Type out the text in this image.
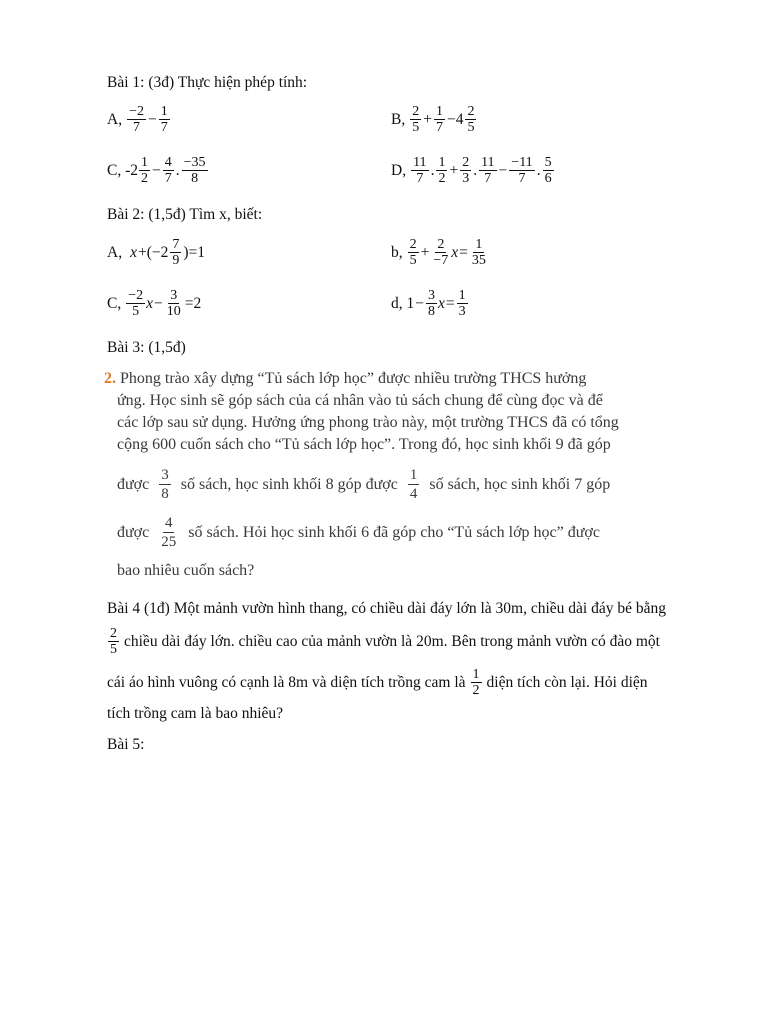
Bài 1: (3đ) Thực hiện phép tính:
A, $\frac{-2}{7} - \frac{1}{7}$	B, $\frac{2}{5} + \frac{1}{7} -4 \frac{2}{5}$
C, $-2 \frac{1}{2} - \frac{4}{7}$ . $\frac{-35}{8}$	D, $\frac{11}{7}$ . $\frac{1}{2} + \frac{2}{3}$ . $\frac{11}{7} - \frac{-11}{7}$ . $\frac{5}{6}$
Bài 2: (1,5đ) Tìm x, biết:
A, $x +(-2 \frac{7}{9} )=1$	b, $\frac{2}{5} + \frac{2}{-7}$ $x = \frac{1}{35}$
C, $\frac{-2}{5}$ $x - \frac{3}{10} =2$	d, $1 - \frac{3}{8}$ $x = \frac{1}{3}$
Bài 3: (1,5đ)
2. Phong trào xây dựng “Tủ sách lớp học” được nhiều trường THCS hưởng
ứng. Học sinh sẽ góp sách của cá nhân vào tủ sách chung để cùng đọc và để
các lớp sau sử dụng. Hưởng ứng phong trào này, một trường THCS đã có tổng
cộng 600 cuốn sách cho “Tủ sách lớp học”. Trong đó, học sinh khối 9 đã góp
được $\frac{3}{8}$ số sách, học sinh khối 8 góp được $\frac{1}{4}$ số sách, học sinh khối 7 góp
được $\frac{4}{25}$ số sách. Hỏi học sinh khối 6 đã góp cho “Tủ sách lớp học” được
bao nhiêu cuốn sách?
Bài 4 (1đ) Một mảnh vườn hình thang, có chiều dài đáy lớn là 30m, chiều dài đáy bé bằng
$\frac{2}{5}$ chiều dài đáy lớn. chiều cao của mảnh vườn là 20m. Bên trong mảnh vườn có đào một
cái áo hình vuông có cạnh là 8m và diện tích trồng cam là $\frac{1}{2}$ diện tích còn lại. Hỏi diện
tích trồng cam là bao nhiêu?
Bài 5:
